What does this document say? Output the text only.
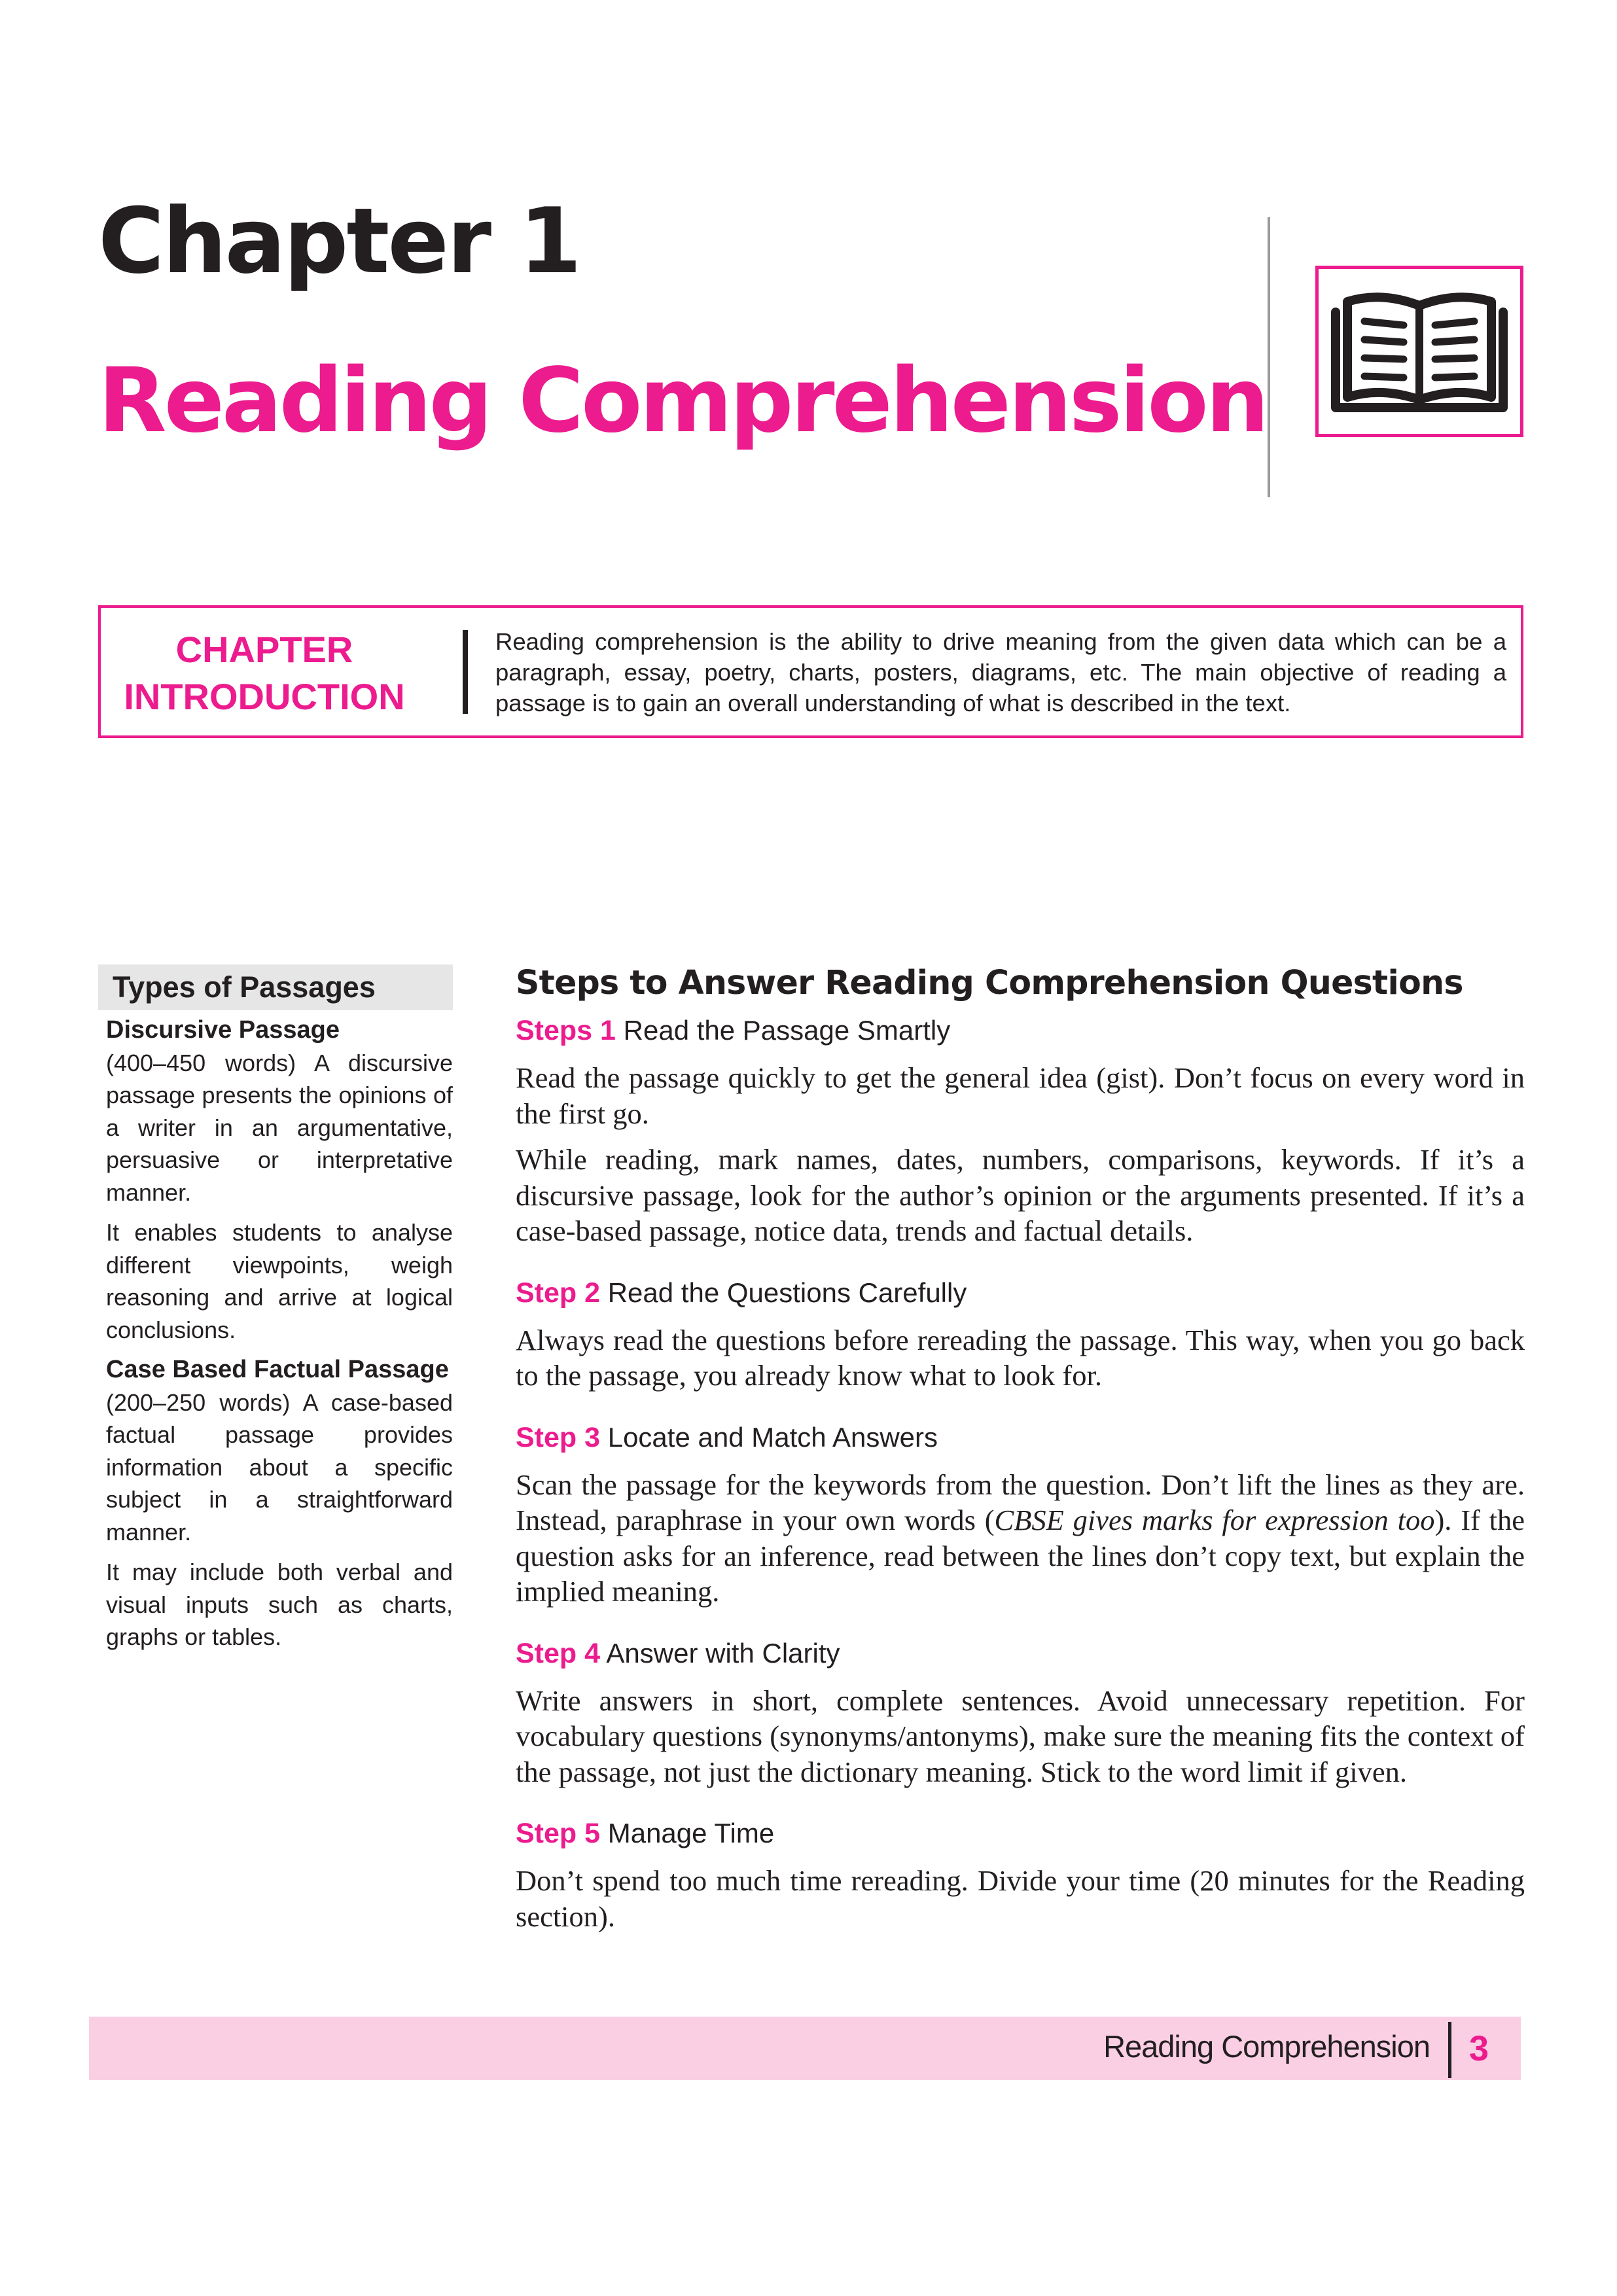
Chapter 1
Reading Comprehension
CHAPTER
INTRODUCTION
Reading comprehension is the ability to drive meaning from the given data which can be a paragraph, essay, poetry, charts, posters, diagrams, etc. The main objective of reading a passage is to gain an overall understanding of what is described in the text.
Types of Passages
Discursive Passage

(400–450 words) A discursive passage presents the opinions of a writer in an argumentative, persuasive or interpretative manner.

It enables students to analyse different viewpoints, weigh reasoning and arrive at logical conclusions.

Case Based Factual Passage

(200–250 words) A case-based factual passage provides information about a specific subject in a straightforward manner.

It may include both verbal and visual inputs such as charts, graphs or tables.

Steps to Answer Reading Comprehension Questions
Steps 1 Read the Passage Smartly

Read the passage quickly to get the general idea (gist). Don’t focus on every word in the first go.

While reading, mark names, dates, numbers, comparisons, keywords. If it’s a discursive passage, look for the author’s opinion or the arguments presented. If it’s a case-based passage, notice data, trends and factual details.

Step 2 Read the Questions Carefully

Always read the questions before rereading the passage. This way, when you go back to the passage, you already know what to look for.

Step 3 Locate and Match Answers

Scan the passage for the keywords from the question. Don’t lift the lines as they are. Instead, paraphrase in your own words (CBSE gives marks for expression too). If the question asks for an inference, read between the lines don’t copy text, but explain the implied meaning.

Step 4 Answer with Clarity

Write answers in short, complete sentences. Avoid unnecessary repetition. For vocabulary questions (synonyms/antonyms), make sure the meaning fits the context of the passage, not just the dictionary meaning. Stick to the word limit if given.

Step 5 Manage Time

Don’t spend too much time rereading. Divide your time (20 minutes for the Reading section).

Reading Comprehension 3
